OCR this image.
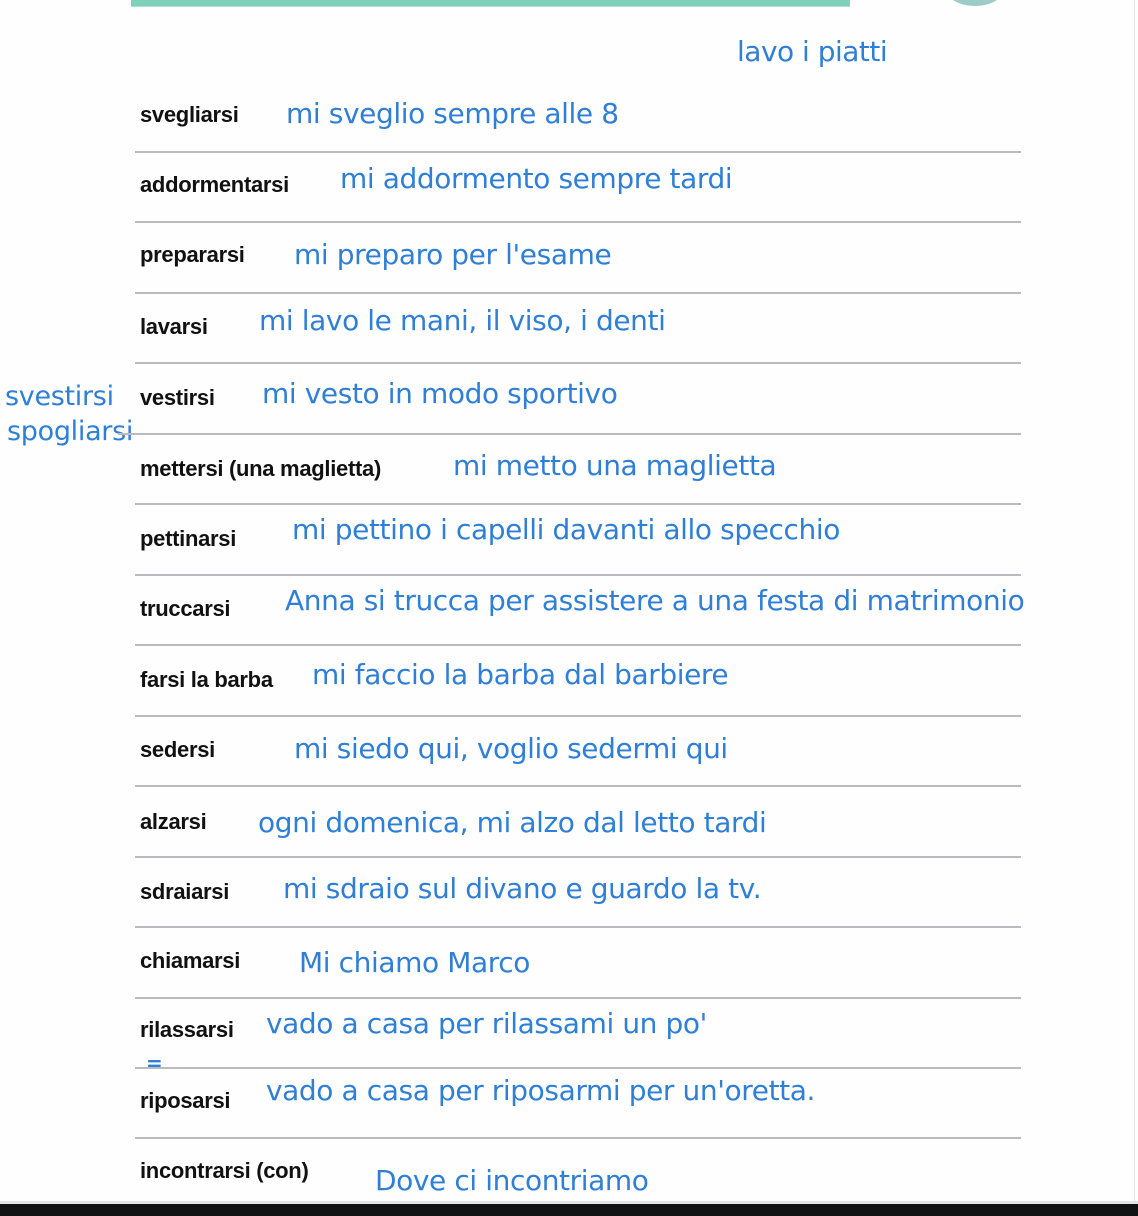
lavo i piatti
svestirsi
spogliarsi
=
svegliarsi mi sveglio sempre alle 8
addormentarsi mi addormento sempre tardi
prepararsi mi preparo per l'esame
lavarsi mi lavo le mani, il viso, i denti
vestirsi mi vesto in modo sportivo
mettersi (una maglietta)	mi metto una maglietta
pettinarsi mi pettino i capelli davanti allo specchio
truccarsi Anna si trucca per assistere a una festa di matrimonio
farsi la barba mi faccio la barba dal barbiere
sedersi	mi siedo qui, voglio sedermi qui
alzarsi ogni domenica, mi alzo dal letto tardi
sdraiarsi mi sdraio sul divano e guardo la tv.
chiamarsi Mi chiamo Marco
rilassarsi vado a casa per rilassami un po'
riposarsi vado a casa per riposarmi per un'oretta.
incontrarsi (con) Dove ci incontriamo
